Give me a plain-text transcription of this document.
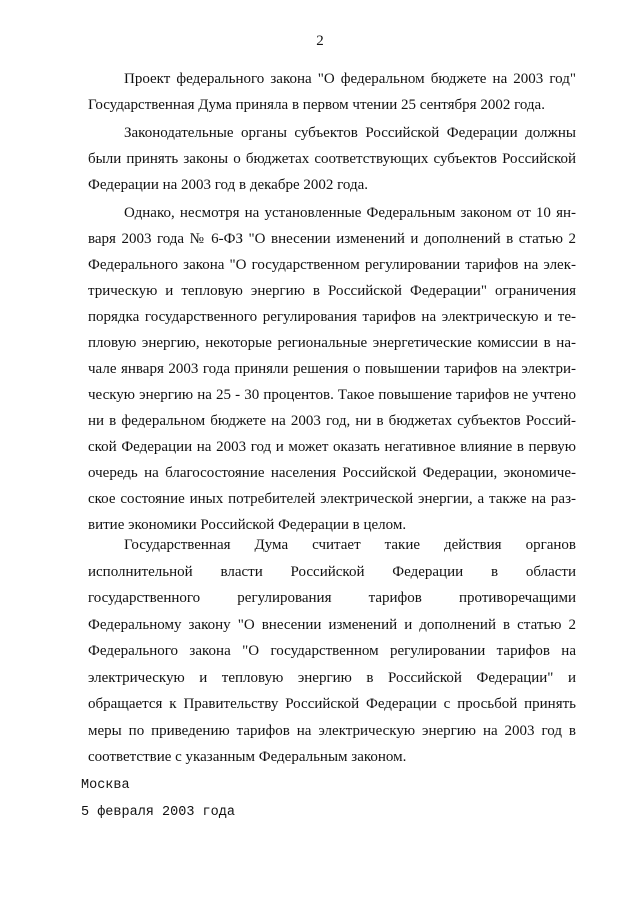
2
Проект федерального закона "О федеральном бюджете на 2003 год"
Государственная Дума приняла в первом чтении 25 сентября 2002 года.
Законодательные органы субъектов Российской Федерации должны
были принять законы о бюджетах соответствующих субъектов Российской
Федерации на 2003 год в декабре 2002 года.
Однако, несмотря на установленные Федеральным законом от 10 ян-
варя 2003 года № 6-ФЗ "О внесении изменений и дополнений в статью 2
Федерального закона "О государственном регулировании тарифов на элек-
трическую и тепловую энергию в Российской Федерации" ограничения
порядка государственного регулирования тарифов на электрическую и те-
пловую энергию, некоторые региональные энергетические комиссии в на-
чале января 2003 года приняли решения о повышении тарифов на электри-
ческую энергию на 25 - 30 процентов. Такое повышение тарифов не учтено
ни в федеральном бюджете на 2003 год, ни в бюджетах субъектов Россий-
ской Федерации на 2003 год и может оказать негативное влияние в первую
очередь на благосостояние населения Российской Федерации, экономиче-
ское состояние иных потребителей электрической энергии, а также на раз-
витие экономики Российской Федерации в целом.
Государственная Дума считает такие действия органов
исполнительной власти Российской Федерации в области
государственного регулирования тарифов противоречащими
Федеральному закону "О внесении изменений и дополнений в статью 2
Федерального закона "О государственном регулировании тарифов на
электрическую и тепловую энергию в Российской Федерации" и
обращается к Правительству Российской Федерации с просьбой принять
меры по приведению тарифов на электрическую энергию на 2003 год в
соответствие с указанным Федеральным законом.
Москва
5 февраля 2003 года
